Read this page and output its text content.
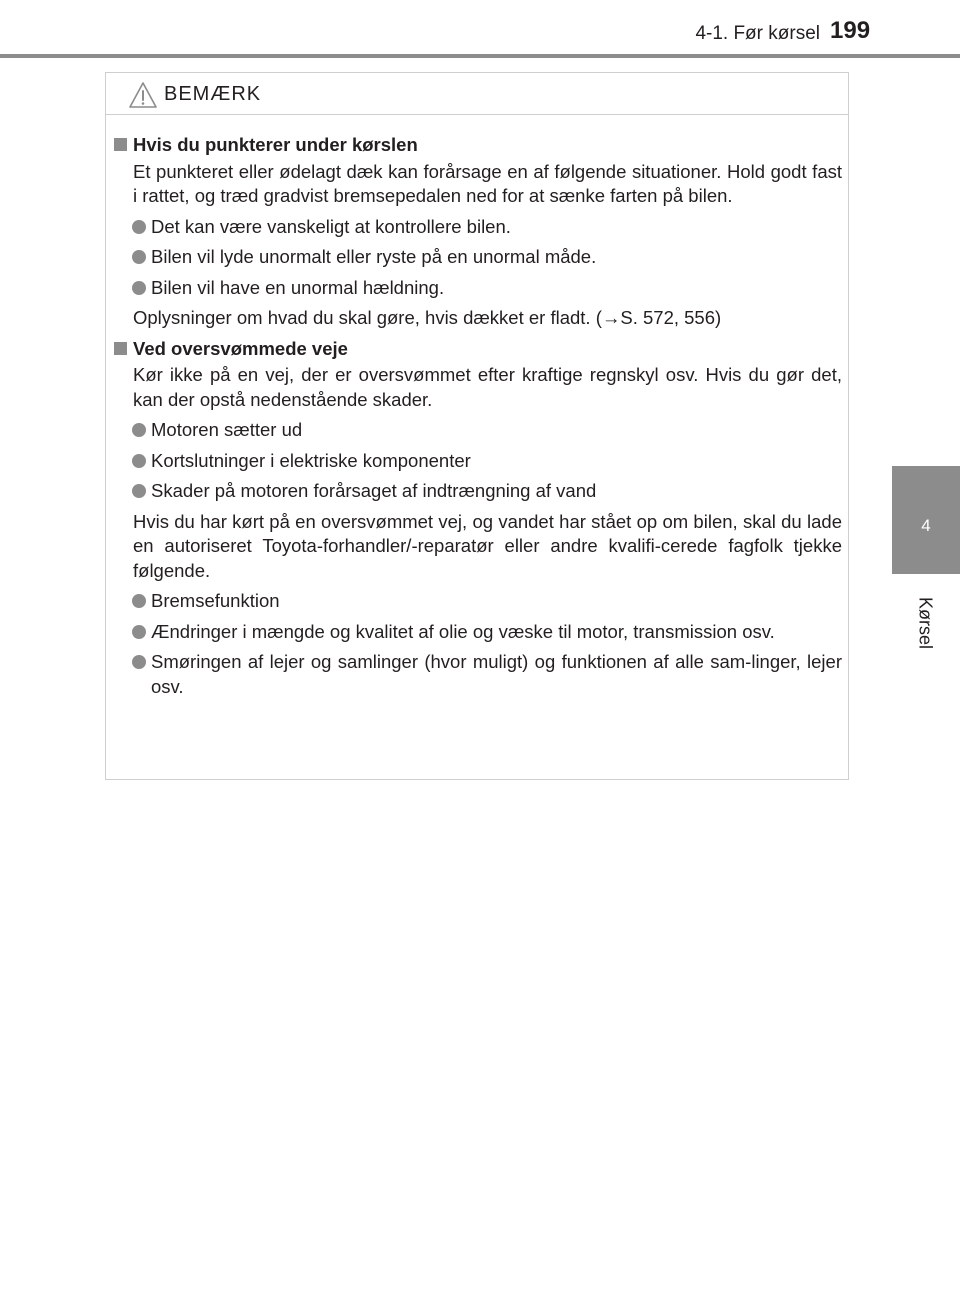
4-1. Før kørsel 199
4
Kørsel
BEMÆRK
Hvis du punkterer under kørslen

Et punkteret eller ødelagt dæk kan forårsage en af følgende situationer. Hold godt fast i rattet, og træd gradvist bremsepedalen ned for at sænke farten på bilen.

Det kan være vanskeligt at kontrollere bilen.
Bilen vil lyde unormalt eller ryste på en unormal måde.
Bilen vil have en unormal hældning.

Oplysninger om hvad du skal gøre, hvis dækket er fladt. (→S. 572, 556)

Ved oversvømmede veje

Kør ikke på en vej, der er oversvømmet efter kraftige regnskyl osv. Hvis du gør det, kan der opstå nedenstående skader.

Motoren sætter ud
Kortslutninger i elektriske komponenter
Skader på motoren forårsaget af indtrængning af vand

Hvis du har kørt på en oversvømmet vej, og vandet har stået op om bilen, skal du lade en autoriseret Toyota-forhandler/-reparatør eller andre kvalifi-cerede fagfolk tjekke følgende.

Bremsefunktion
Ændringer i mængde og kvalitet af olie og væske til motor, transmission osv.
Smøringen af lejer og samlinger (hvor muligt) og funktionen af alle sam-linger, lejer osv.
